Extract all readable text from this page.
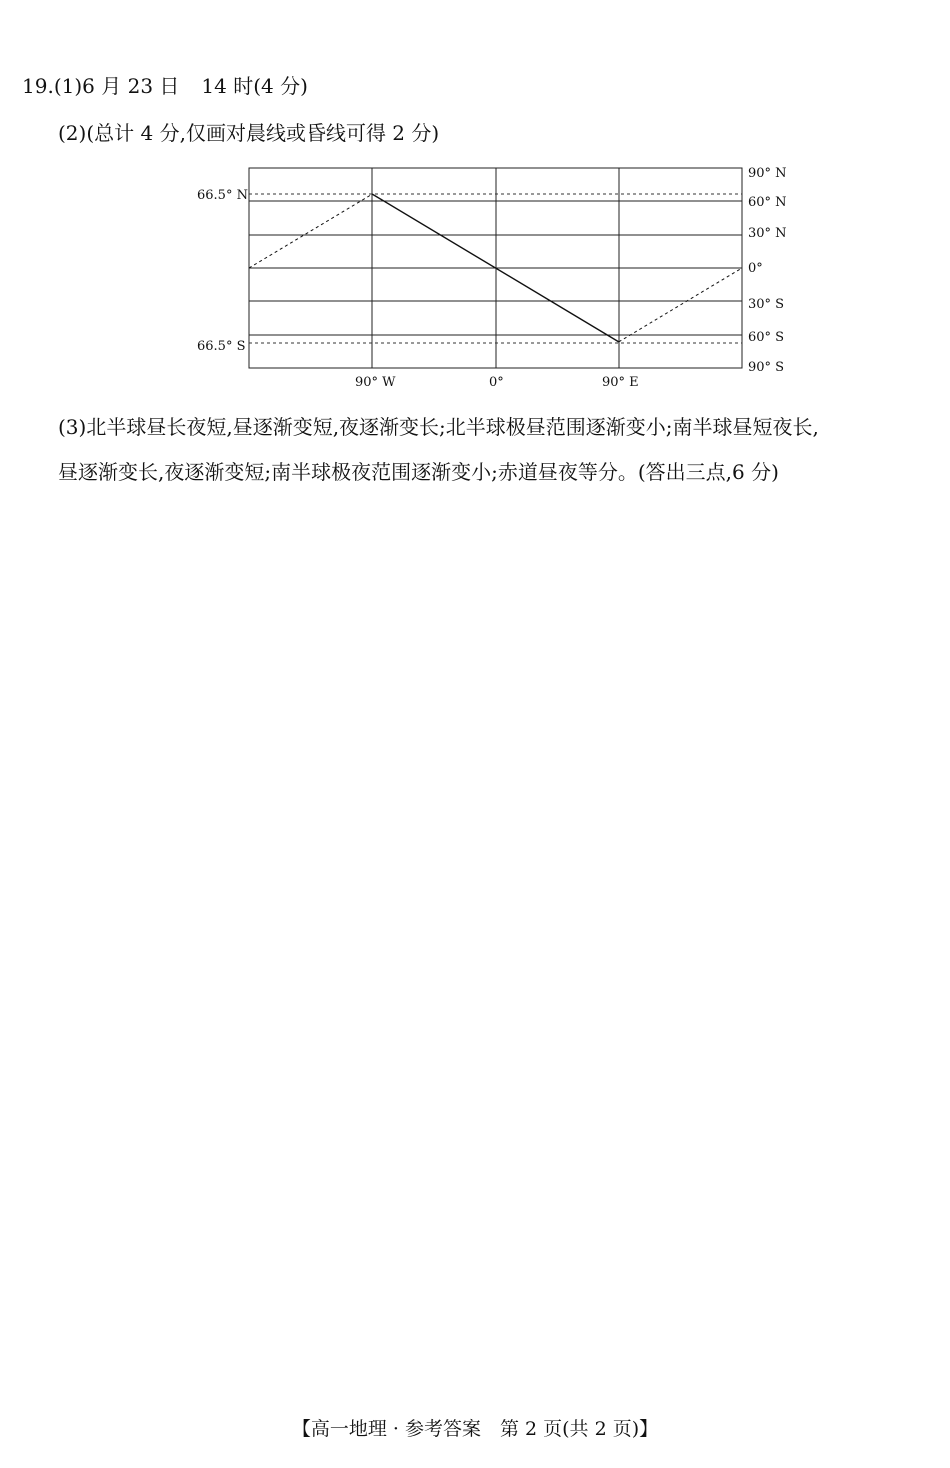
19.(1)6 月 23 日 14 时(4 分)
(2)(总计 4 分,仅画对晨线或昏线可得 2 分)
66.5° N
66.5° S
90° N
60° N
30° N
0°
30° S
60° S
90° S
90° W	0°	90° E
(3)北半球昼长夜短,昼逐渐变短,夜逐渐变长;北半球极昼范围逐渐变小;南半球昼短夜长,
昼逐渐变长,夜逐渐变短;南半球极夜范围逐渐变小;赤道昼夜等分。(答出三点,6 分)
【高一地理 · 参考答案　第 2 页(共 2 页)】
